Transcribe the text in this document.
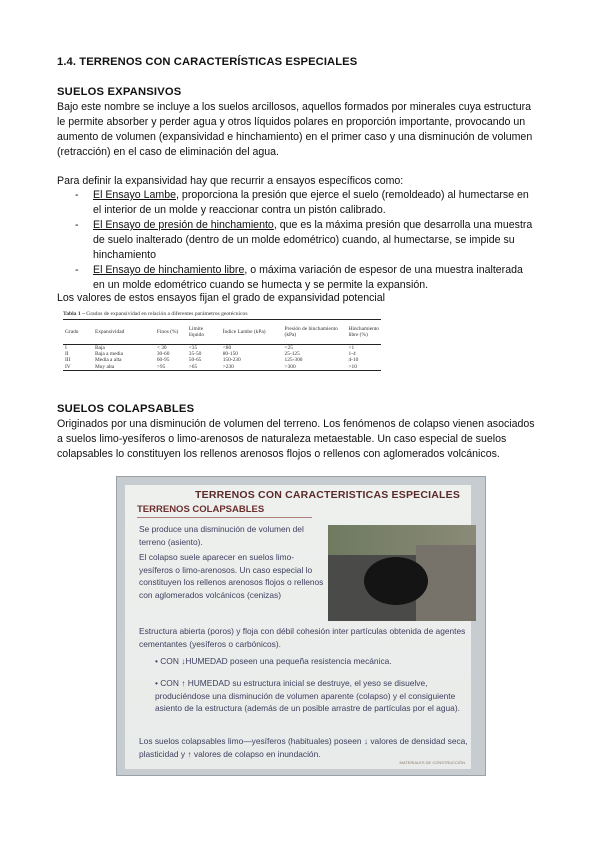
1.4. TERRENOS CON CARACTERÍSTICAS ESPECIALES
SUELOS EXPANSIVOS
Bajo este nombre se incluye a los suelos arcillosos, aquellos formados por minerales cuya estructura le permite absorber y perder agua y otros líquidos polares en proporción importante, provocando un aumento de volumen (expansividad e hinchamiento) en el primer caso y una disminución de volumen (retracción) en el caso de eliminación del agua.
Para definir la expansividad hay que recurrir a ensayos específicos como:
- El Ensayo Lambe, proporciona la presión que ejerce el suelo (remoldeado) al humectarse en el interior de un molde y reaccionar contra un pistón calibrado.
- El Ensayo de presión de hinchamiento, que es la máxima presión que desarrolla una muestra de suelo inalterado (dentro de un molde edométrico) cuando, al humectarse, se impide su hinchamiento
- El Ensayo de hinchamiento libre, o máxima variación de espesor de una muestra inalterada en un molde edométrico cuando se humecta y se permite la expansión.
Los valores de estos ensayos fijan el grado de expansividad potencial
Tabla 1 – Grados de expansividad en relación a diferentes parámetros geotécnicos
Grado	Expansividad	Finos (%)	Límite líquido	Índice Lambe (kPa)	Presión de hinchamiento (kPa)	Hinchamiento libre (%)
I	Baja	< 30	<35	<80	<25	<1
II	Baja a media	30-60	35-50	80-150	25-125	1-4
III	Media a alta	60-95	50-65	150-230	125-300	4-10
IV	Muy alta	>95	>65	>230	>300	>10
SUELOS COLAPSABLES
Originados por una disminución de volumen del terreno. Los fenómenos de colapso vienen asociados a suelos limo-yesíferos o limo-arenosos de naturaleza metaestable. Un caso especial de suelos colapsables lo constituyen los rellenos arenosos flojos o rellenos con aglomerados volcánicos.
TERRENOS CON CARACTERISTICAS ESPECIALES
TERRENOS COLAPSABLES
Se produce una disminución de volumen del terreno (asiento).
El colapso suele aparecer en suelos limo-yesíferos o limo-arenosos. Un caso especial lo constituyen los rellenos arenosos flojos o rellenos con aglomerados volcánicos (cenizas)
Estructura abierta (poros) y floja con débil cohesión inter partículas obtenida de agentes cementantes (yesíferos o carbónicos).
• CON ↓HUMEDAD poseen una pequeña resistencia mecánica.
• CON ↑ HUMEDAD su estructura inicial se destruye, el yeso se disuelve, produciéndose una disminución de volumen aparente (colapso) y el consiguiente asiento de la estructura (además de un posible arrastre de partículas por el agua).
Los suelos colapsables limo—yesíferos (habituales) poseen ↓ valores de densidad seca, plasticidad y ↑ valores de colapso en inundación.
MATERIALES DE CONSTRUCCIÓN
